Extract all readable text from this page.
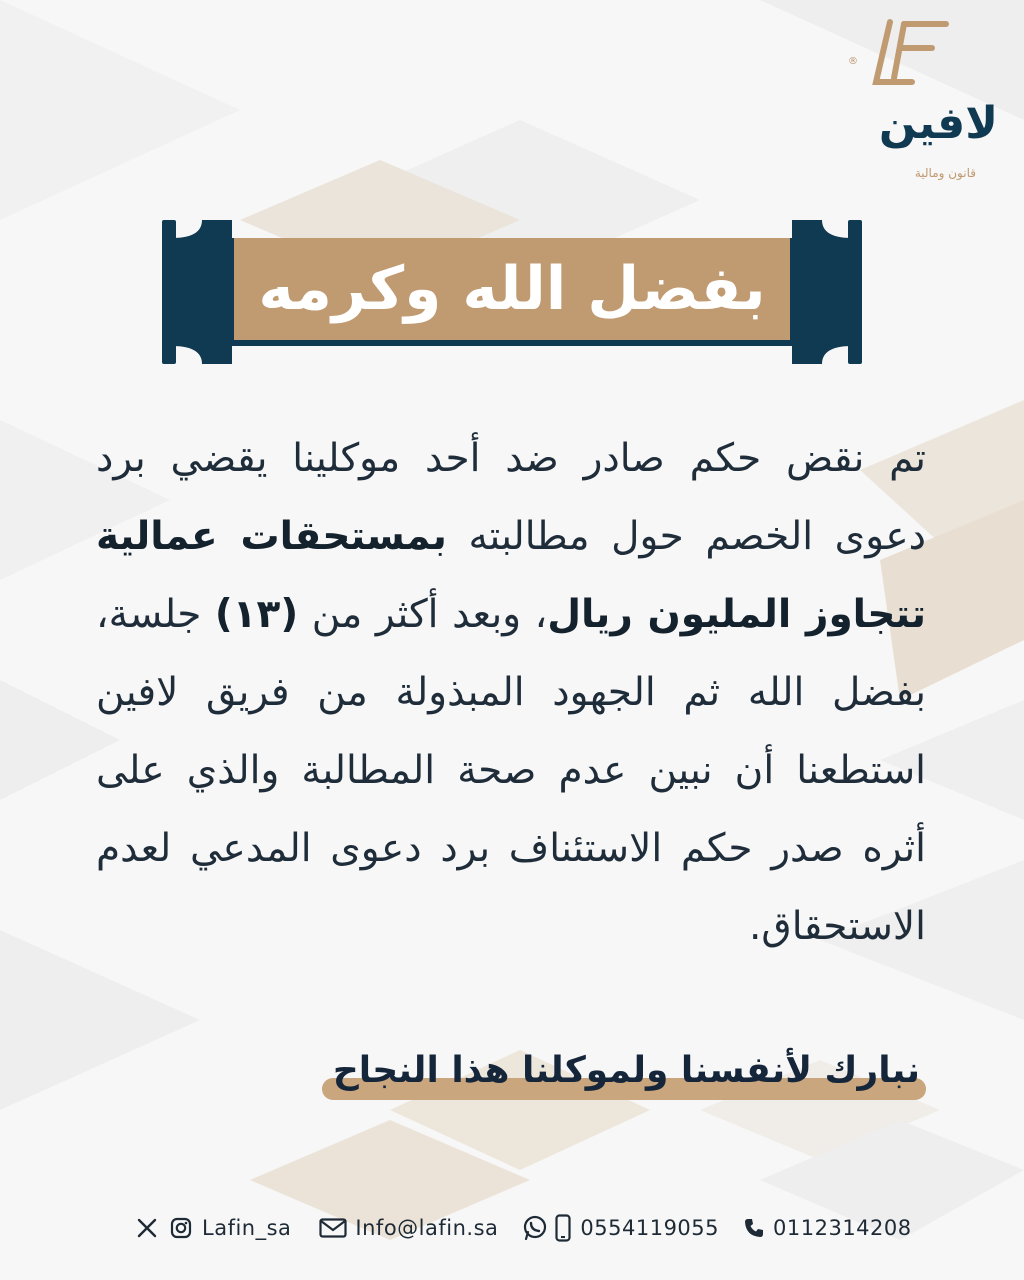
®
لافين
قانون ومالية
بفضل الله وكرمه
تم نقض حكم صادر ضد أحد موكلينا يقضي برد دعوى الخصم حول مطالبته بمستحقات عمالية تتجاوز المليون ريال، وبعد أكثر من (١٣) جلسة، بفضل الله ثم الجهود المبذولة من فريق لافين استطعنا أن نبين عدم صحة المطالبة والذي على أثره صدر حكم الاستئناف برد دعوى المدعي لعدم الاستحقاق.
نبارك لأنفسنا ولموكلنا هذا النجاح
Lafin_sa	Info@lafin.sa	0554119055	0112314208
